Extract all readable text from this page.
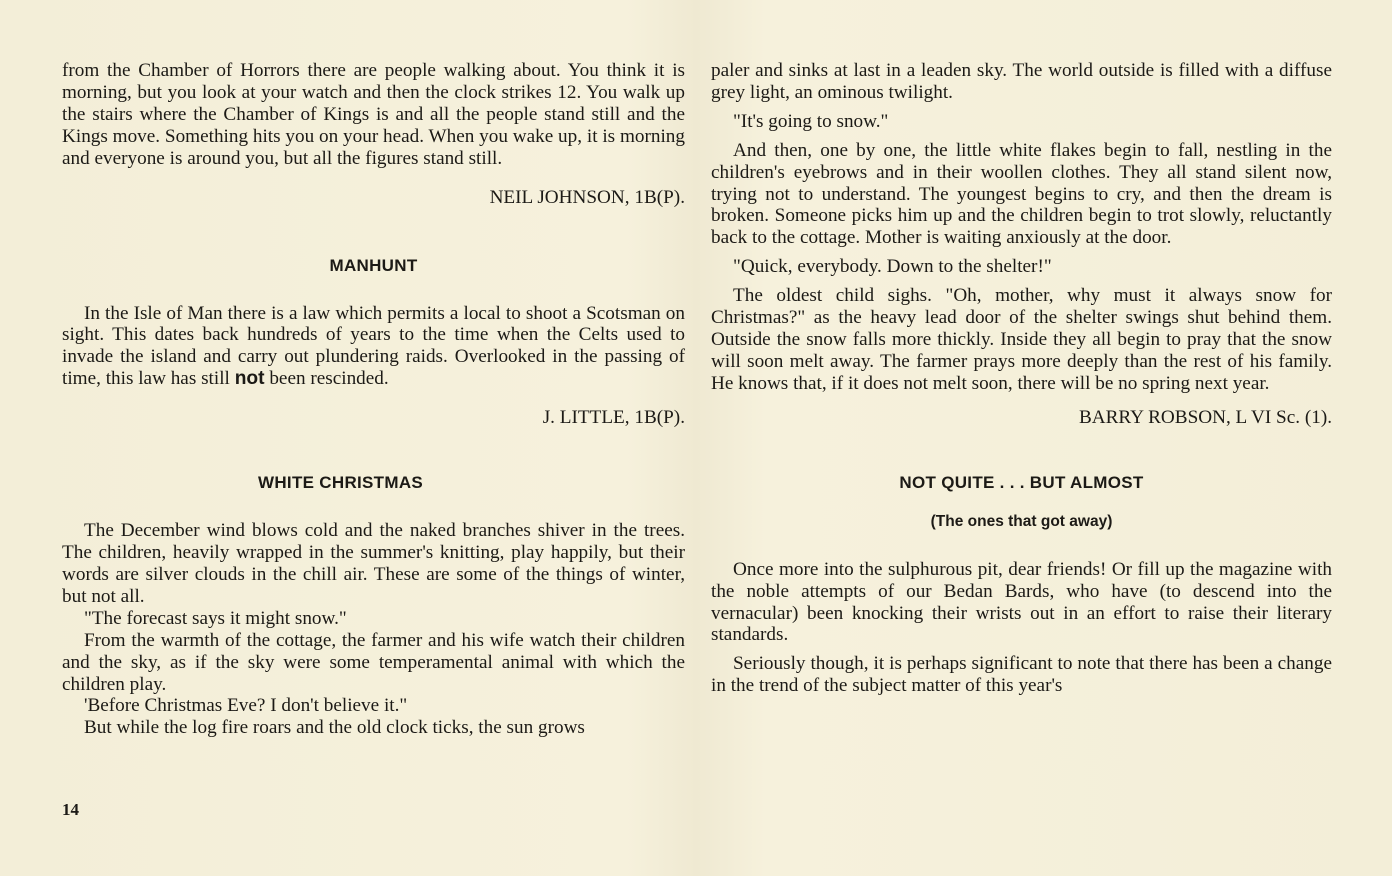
from the Chamber of Horrors there are people walking about. You think it is morning, but you look at your watch and then the clock strikes 12. You walk up the stairs where the Chamber of Kings is and all the people stand still and the Kings move. Something hits you on your head. When you wake up, it is morning and everyone is around you, but all the figures stand still.

NEIL JOHNSON, 1B(P).
MANHUNT

In the Isle of Man there is a law which permits a local to shoot a Scotsman on sight. This dates back hundreds of years to the time when the Celts used to invade the island and carry out plundering raids. Overlooked in the passing of time, this law has still not been rescinded.

J. LITTLE, 1B(P).
WHITE CHRISTMAS

The December wind blows cold and the naked branches shiver in the trees. The children, heavily wrapped in the summer's knitting, play happily, but their words are silver clouds in the chill air. These are some of the things of winter, but not all.

"The forecast says it might snow."

From the warmth of the cottage, the farmer and his wife watch their children and the sky, as if the sky were some temperamental animal with which the children play.

'Before Christmas Eve? I don't believe it."

But while the log fire roars and the old clock ticks, the sun grows

paler and sinks at last in a leaden sky. The world outside is filled with a diffuse grey light, an ominous twilight.

"It's going to snow."

And then, one by one, the little white flakes begin to fall, nestling in the children's eyebrows and in their woollen clothes. They all stand silent now, trying not to understand. The youngest begins to cry, and then the dream is broken. Someone picks him up and the children begin to trot slowly, reluctantly back to the cottage. Mother is waiting anxiously at the door.

"Quick, everybody. Down to the shelter!"

The oldest child sighs. "Oh, mother, why must it always snow for Christmas?" as the heavy lead door of the shelter swings shut behind them. Outside the snow falls more thickly. Inside they all begin to pray that the snow will soon melt away. The farmer prays more deeply than the rest of his family. He knows that, if it does not melt soon, there will be no spring next year.

BARRY ROBSON, L VI Sc. (1).
NOT QUITE . . . BUT ALMOST
(The ones that got away)

Once more into the sulphurous pit, dear friends! Or fill up the magazine with the noble attempts of our Bedan Bards, who have (to descend into the vernacular) been knocking their wrists out in an effort to raise their literary standards.

Seriously though, it is perhaps significant to note that there has been a change in the trend of the subject matter of this year's

14
